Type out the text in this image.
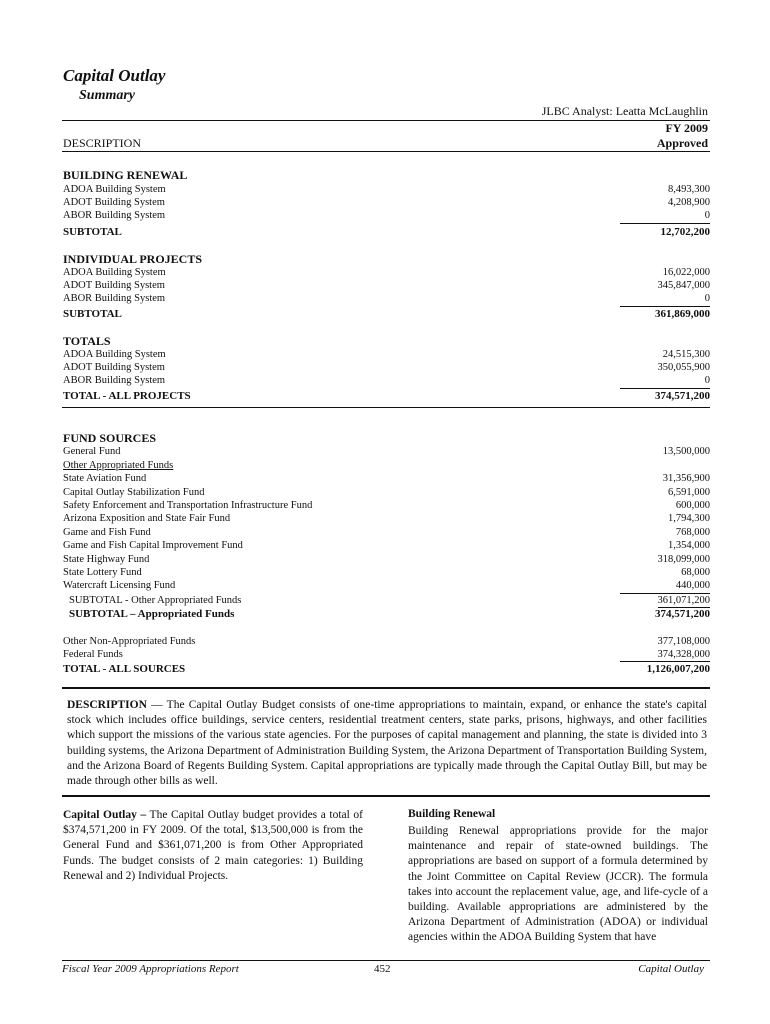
Capital Outlay
Summary
JLBC Analyst: Leatta McLaughlin
FY 2009
Approved
DESCRIPTION
BUILDING RENEWAL
ADOA Building System	8,493,300
ADOT Building System	4,208,900
ABOR Building System	0
SUBTOTAL	12,702,200
INDIVIDUAL PROJECTS
ADOA Building System	16,022,000
ADOT Building System	345,847,000
ABOR Building System	0
SUBTOTAL	361,869,000
TOTALS
ADOA Building System	24,515,300
ADOT Building System	350,055,900
ABOR Building System	0
TOTAL - ALL PROJECTS	374,571,200
FUND SOURCES
General Fund	13,500,000
Other Appropriated Funds
State Aviation Fund	31,356,900
Capital Outlay Stabilization Fund	6,591,000
Safety Enforcement and Transportation Infrastructure Fund	600,000
Arizona Exposition and State Fair Fund	1,794,300
Game and Fish Fund	768,000
Game and Fish Capital Improvement Fund	1,354,000
State Highway Fund	318,099,000
State Lottery Fund	68,000
Watercraft Licensing Fund	440,000
SUBTOTAL - Other Appropriated Funds	361,071,200
SUBTOTAL – Appropriated Funds	374,571,200
Other Non-Appropriated Funds	377,108,000
Federal Funds	374,328,000
TOTAL - ALL SOURCES	1,126,007,200
DESCRIPTION — The Capital Outlay Budget consists of one-time appropriations to maintain, expand, or enhance the state's capital stock which includes office buildings, service centers, residential treatment centers, state parks, prisons, highways, and other facilities which support the missions of the various state agencies. For the purposes of capital management and planning, the state is divided into 3 building systems, the Arizona Department of Administration Building System, the Arizona Department of Transportation Building System, and the Arizona Board of Regents Building System. Capital appropriations are typically made through the Capital Outlay Bill, but may be made through other bills as well.
Capital Outlay – The Capital Outlay budget provides a total of $374,571,200 in FY 2009. Of the total, $13,500,000 is from the General Fund and $361,071,200 is from Other Appropriated Funds. The budget consists of 2 main categories: 1) Building Renewal and 2) Individual Projects.
Building Renewal
Building Renewal appropriations provide for the major maintenance and repair of state-owned buildings. The appropriations are based on support of a formula determined by the Joint Committee on Capital Review (JCCR). The formula takes into account the replacement value, age, and life-cycle of a building. Available appropriations are administered by the Arizona Department of Administration (ADOA) or individual agencies within the ADOA Building System that have
Fiscal Year 2009 Appropriations Report	452	Capital Outlay
